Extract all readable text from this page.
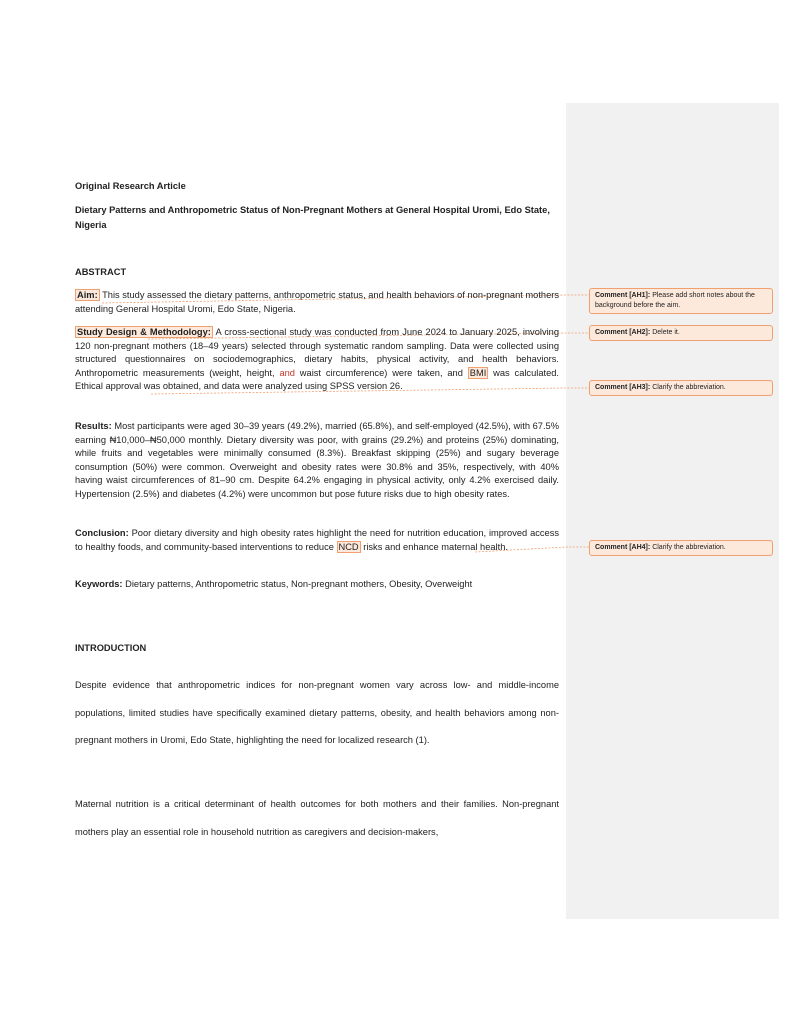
Original Research Article
Dietary Patterns and Anthropometric Status of Non-Pregnant Mothers at General Hospital Uromi, Edo State, Nigeria
ABSTRACT
Aim: This study assessed the dietary patterns, anthropometric status, and health behaviors of non-pregnant mothers attending General Hospital Uromi, Edo State, Nigeria.
Study Design & Methodology: A cross-sectional study was conducted from June 2024 to January 2025, involving 120 non-pregnant mothers (18–49 years) selected through systematic random sampling. Data were collected using structured questionnaires on sociodemographics, dietary habits, physical activity, and health behaviors. Anthropometric measurements (weight, height, and waist circumference) were taken, and BMI was calculated. Ethical approval was obtained, and data were analyzed using SPSS version 26.
Results: Most participants were aged 30–39 years (49.2%), married (65.8%), and self-employed (42.5%), with 67.5% earning ₦10,000–₦50,000 monthly. Dietary diversity was poor, with grains (29.2%) and proteins (25%) dominating, while fruits and vegetables were minimally consumed (8.3%). Breakfast skipping (25%) and sugary beverage consumption (50%) were common. Overweight and obesity rates were 30.8% and 35%, respectively, with 40% having waist circumferences of 81–90 cm. Despite 64.2% engaging in physical activity, only 4.2% exercised daily. Hypertension (2.5%) and diabetes (4.2%) were uncommon but pose future risks due to high obesity rates.
Conclusion: Poor dietary diversity and high obesity rates highlight the need for nutrition education, improved access to healthy foods, and community-based interventions to reduce NCD risks and enhance maternal health.
Keywords: Dietary patterns, Anthropometric status, Non-pregnant mothers, Obesity, Overweight
INTRODUCTION
Despite evidence that anthropometric indices for non-pregnant women vary across low- and middle-income populations, limited studies have specifically examined dietary patterns, obesity, and health behaviors among non-pregnant mothers in Uromi, Edo State, highlighting the need for localized research (1).
Maternal nutrition is a critical determinant of health outcomes for both mothers and their families. Non-pregnant mothers play an essential role in household nutrition as caregivers and decision-makers,
Comment [AH1]: Please add short notes about the background before the aim.
Comment [AH2]: Delete it.
Comment [AH3]: Clarify the abbreviation.
Comment [AH4]: Clarify the abbreviation.
